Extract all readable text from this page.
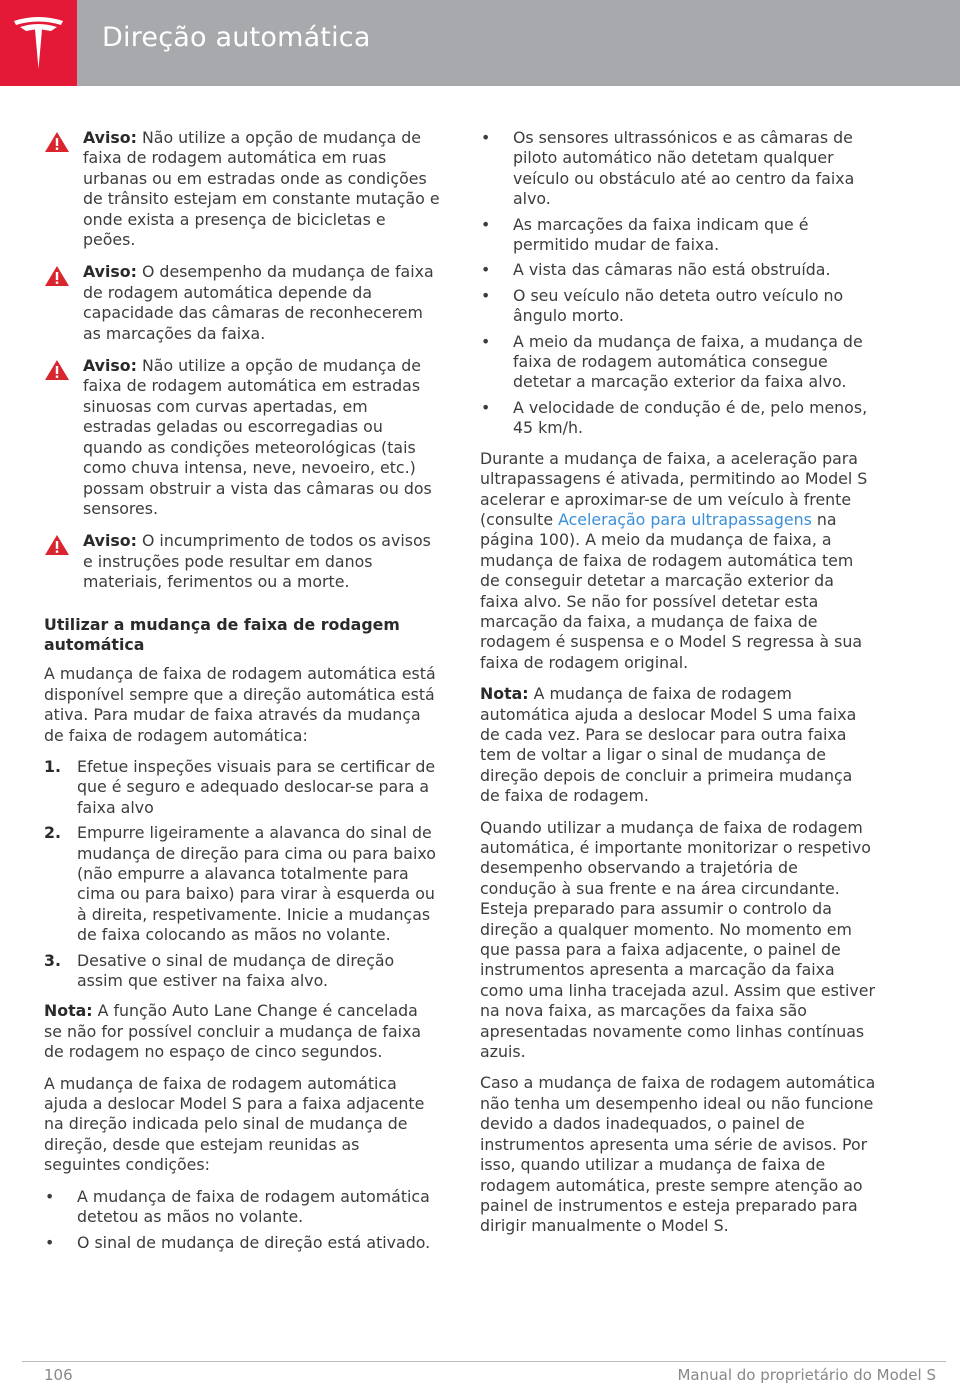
Direção automática
Aviso: Não utilize a opção de mudança de faixa de rodagem automática em ruas urbanas ou em estradas onde as condições de trânsito estejam em constante mutação e onde exista a presença de bicicletas e peões.
Aviso: O desempenho da mudança de faixa de rodagem automática depende da capacidade das câmaras de reconhecerem as marcações da faixa.
Aviso: Não utilize a opção de mudança de faixa de rodagem automática em estradas sinuosas com curvas apertadas, em estradas geladas ou escorregadias ou quando as condições meteorológicas (tais como chuva intensa, neve, nevoeiro, etc.) possam obstruir a vista das câmaras ou dos sensores.
Aviso: O incumprimento de todos os avisos e instruções pode resultar em danos materiais, ferimentos ou a morte.
Utilizar a mudança de faixa de rodagem automática

A mudança de faixa de rodagem automática está disponível sempre que a direção automática está ativa. Para mudar de faixa através da mudança de faixa de rodagem automática:

1. Efetue inspeções visuais para se certificar de que é seguro e adequado deslocar-se para a faixa alvo
2. Empurre ligeiramente a alavanca do sinal de mudança de direção para cima ou para baixo (não empurre a alavanca totalmente para cima ou para baixo) para virar à esquerda ou à direita, respetivamente. Inicie a mudanças de faixa colocando as mãos no volante.
3. Desative o sinal de mudança de direção assim que estiver na faixa alvo.

Nota: A função Auto Lane Change é cancelada se não for possível concluir a mudança de faixa de rodagem no espaço de cinco segundos.

A mudança de faixa de rodagem automática ajuda a deslocar Model S para a faixa adjacente na direção indicada pelo sinal de mudança de direção, desde que estejam reunidas as seguintes condições:

• A mudança de faixa de rodagem automática detetou as mãos no volante.
• O sinal de mudança de direção está ativado.
• Os sensores ultrassónicos e as câmaras de piloto automático não detetam qualquer veículo ou obstáculo até ao centro da faixa alvo.
• As marcações da faixa indicam que é permitido mudar de faixa.
• A vista das câmaras não está obstruída.
• O seu veículo não deteta outro veículo no ângulo morto.
• A meio da mudança de faixa, a mudança de faixa de rodagem automática consegue detetar a marcação exterior da faixa alvo.
• A velocidade de condução é de, pelo menos, 45 km/h.

Durante a mudança de faixa, a aceleração para ultrapassagens é ativada, permitindo ao Model S acelerar e aproximar-se de um veículo à frente (consulte Aceleração para ultrapassagens na página 100). A meio da mudança de faixa, a mudança de faixa de rodagem automática tem de conseguir detetar a marcação exterior da faixa alvo. Se não for possível detetar esta marcação da faixa, a mudança de faixa de rodagem é suspensa e o Model S regressa à sua faixa de rodagem original.

Nota: A mudança de faixa de rodagem automática ajuda a deslocar Model S uma faixa de cada vez. Para se deslocar para outra faixa tem de voltar a ligar o sinal de mudança de direção depois de concluir a primeira mudança de faixa de rodagem.

Quando utilizar a mudança de faixa de rodagem automática, é importante monitorizar o respetivo desempenho observando a trajetória de condução à sua frente e na área circundante. Esteja preparado para assumir o controlo da direção a qualquer momento. No momento em que passa para a faixa adjacente, o painel de instrumentos apresenta a marcação da faixa como uma linha tracejada azul. Assim que estiver na nova faixa, as marcações da faixa são apresentadas novamente como linhas contínuas azuis.

Caso a mudança de faixa de rodagem automática não tenha um desempenho ideal ou não funcione devido a dados inadequados, o painel de instrumentos apresenta uma série de avisos. Por isso, quando utilizar a mudança de faixa de rodagem automática, preste sempre atenção ao painel de instrumentos e esteja preparado para dirigir manualmente o Model S.

106	Manual do proprietário do Model S
